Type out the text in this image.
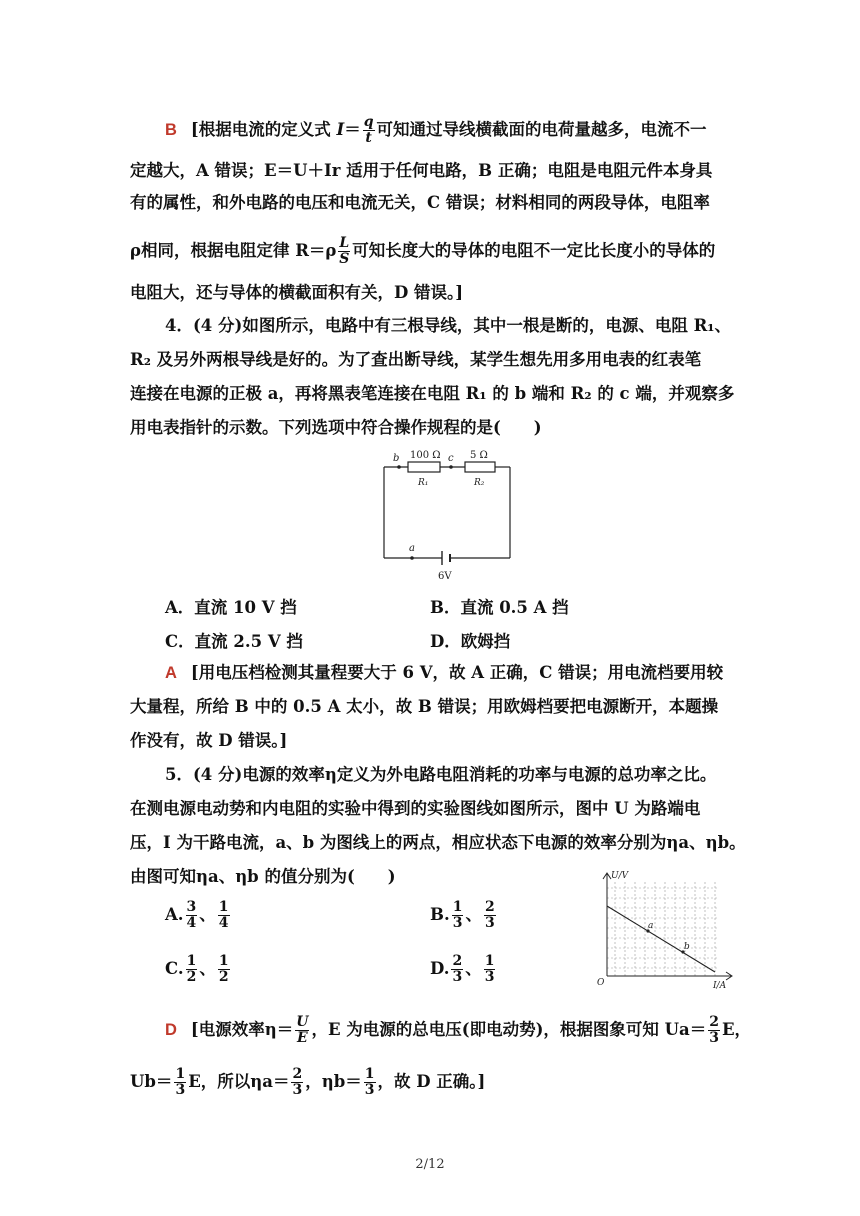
B [根据电流的定义式 $I= \frac{q}{t}$ 可知通过导线横截面的电荷量越多，电流不一
定越大，A 错误；E＝U＋Ir 适用于任何电路，B 正确；电阻是电阻元件本身具
有的属性，和外电路的电压和电流无关，C 错误；材料相同的两段导体，电阻率
ρ相同，根据电阻定律 $R=\rho \frac{L}{S}$ 可知长度大的导体的电阻不一定比长度小的导体的
电阻大，还与导体的横截面积有关，D 错误。]
4．(4 分)如图所示，电路中有三根导线，其中一根是断的，电源、电阻 R₁、
R₂ 及另外两根导线是好的。为了查出断导线，某学生想先用多用电表的红表笔
连接在电源的正极 a，再将黑表笔连接在电阻 R₁ 的 b 端和 R₂ 的 c 端，并观察多
用电表指针的示数。下列选项中符合操作规程的是(　　)
b	c
a
100 Ω	5 Ω
R₁	R₂
6V
A．直流 10 V 挡	B．直流 0.5 A 挡
C．直流 2.5 V 挡	D．欧姆挡
A [用电压档检测其量程要大于 6 V，故 A 正确，C 错误；用电流档要用较
大量程，所给 B 中的 0.5 A 太小，故 B 错误；用欧姆档要把电源断开，本题操
作没有，故 D 错误。]
5．(4 分)电源的效率η定义为外电路电阻消耗的功率与电源的总功率之比。
在测电源电动势和内电阻的实验中得到的实验图线如图所示，图中 U 为路端电
压，I 为干路电流，a、b 为图线上的两点，相应状态下电源的效率分别为ηa、ηb。
由图可知ηa、ηb 的值分别为(　　)	U/V
I/A
O
a
b
A. $\frac{3}{4}$ 、 $\frac{1}{4}$	B. $\frac{1}{3}$ 、 $\frac{2}{3}$
C. $\frac{1}{2}$ 、 $\frac{1}{2}$	D. $\frac{2}{3}$ 、 $\frac{1}{3}$
D [电源效率$\eta= \frac{U}{E}$ ，E 为电源的总电压(即电动势)，根据图象可知 $Ua= \frac{2}{3}$ E，
$Ub= \frac{1}{3}$ E，所以$\eta a= \frac{2}{3}$ ，$\eta b= \frac{1}{3}$ ，故 D 正确。]
2/12
